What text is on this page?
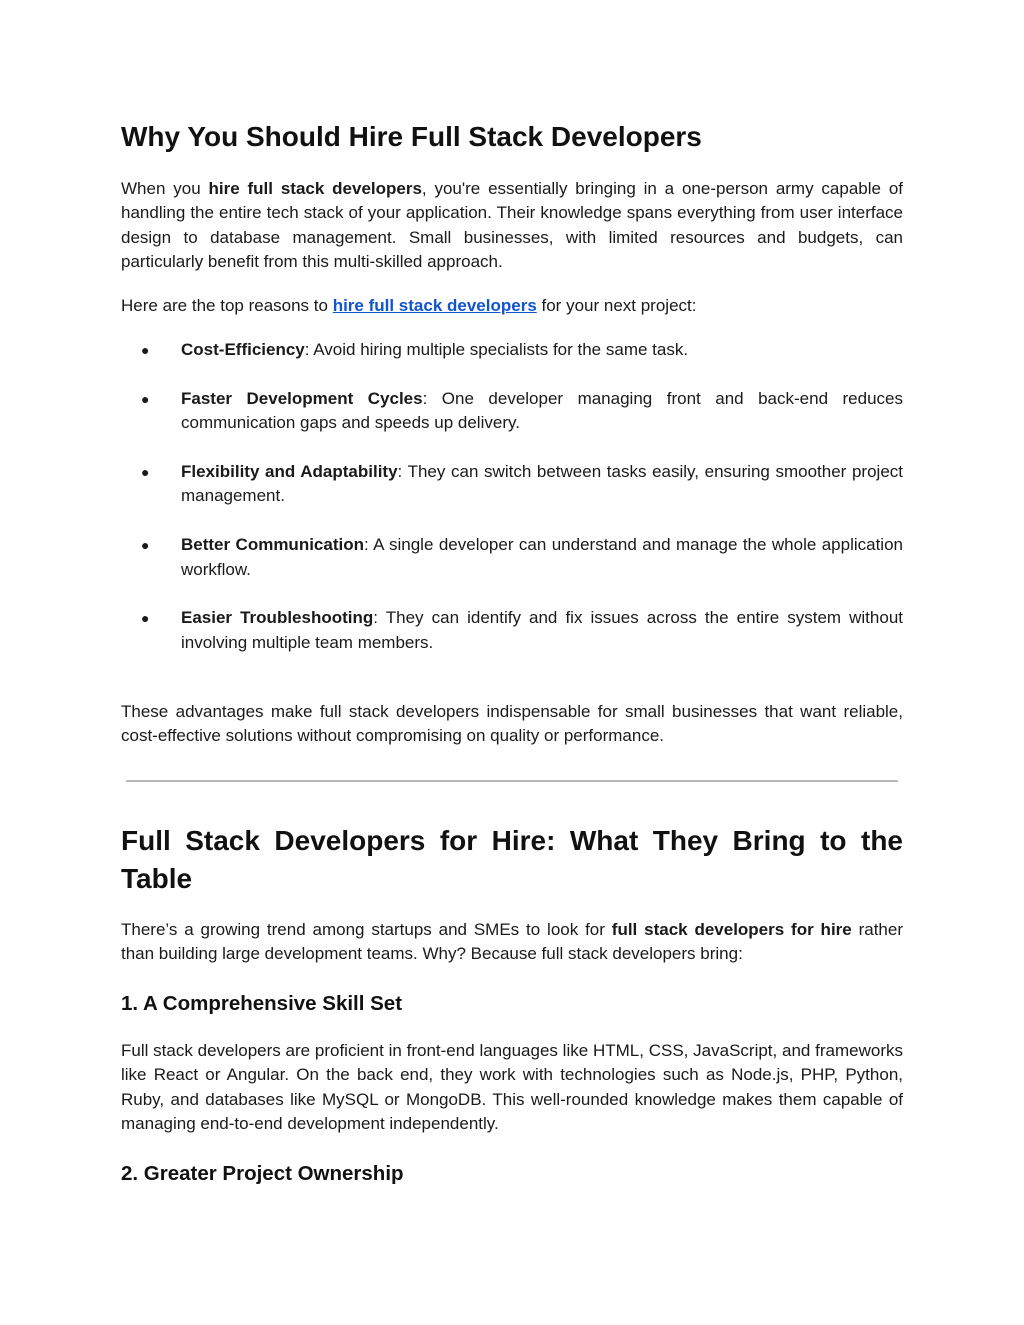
Why You Should Hire Full Stack Developers

When you hire full stack developers, you're essentially bringing in a one-person army capable of handling the entire tech stack of your application. Their knowledge spans everything from user interface design to database management. Small businesses, with limited resources and budgets, can particularly benefit from this multi-skilled approach.

Here are the top reasons to hire full stack developers for your next project:

● Cost-Efficiency: Avoid hiring multiple specialists for the same task.
● Faster Development Cycles: One developer managing front and back-end reduces communication gaps and speeds up delivery.
● Flexibility and Adaptability: They can switch between tasks easily, ensuring smoother project management.
● Better Communication: A single developer can understand and manage the whole application workflow.
● Easier Troubleshooting: They can identify and fix issues across the entire system without involving multiple team members.

These advantages make full stack developers indispensable for small businesses that want reliable, cost-effective solutions without compromising on quality or performance.

Full Stack Developers for Hire: What They Bring to the Table

There’s a growing trend among startups and SMEs to look for full stack developers for hire rather than building large development teams. Why? Because full stack developers bring:

1. A Comprehensive Skill Set

Full stack developers are proficient in front-end languages like HTML, CSS, JavaScript, and frameworks like React or Angular. On the back end, they work with technologies such as Node.js, PHP, Python, Ruby, and databases like MySQL or MongoDB. This well-rounded knowledge makes them capable of managing end-to-end development independently.

2. Greater Project Ownership
